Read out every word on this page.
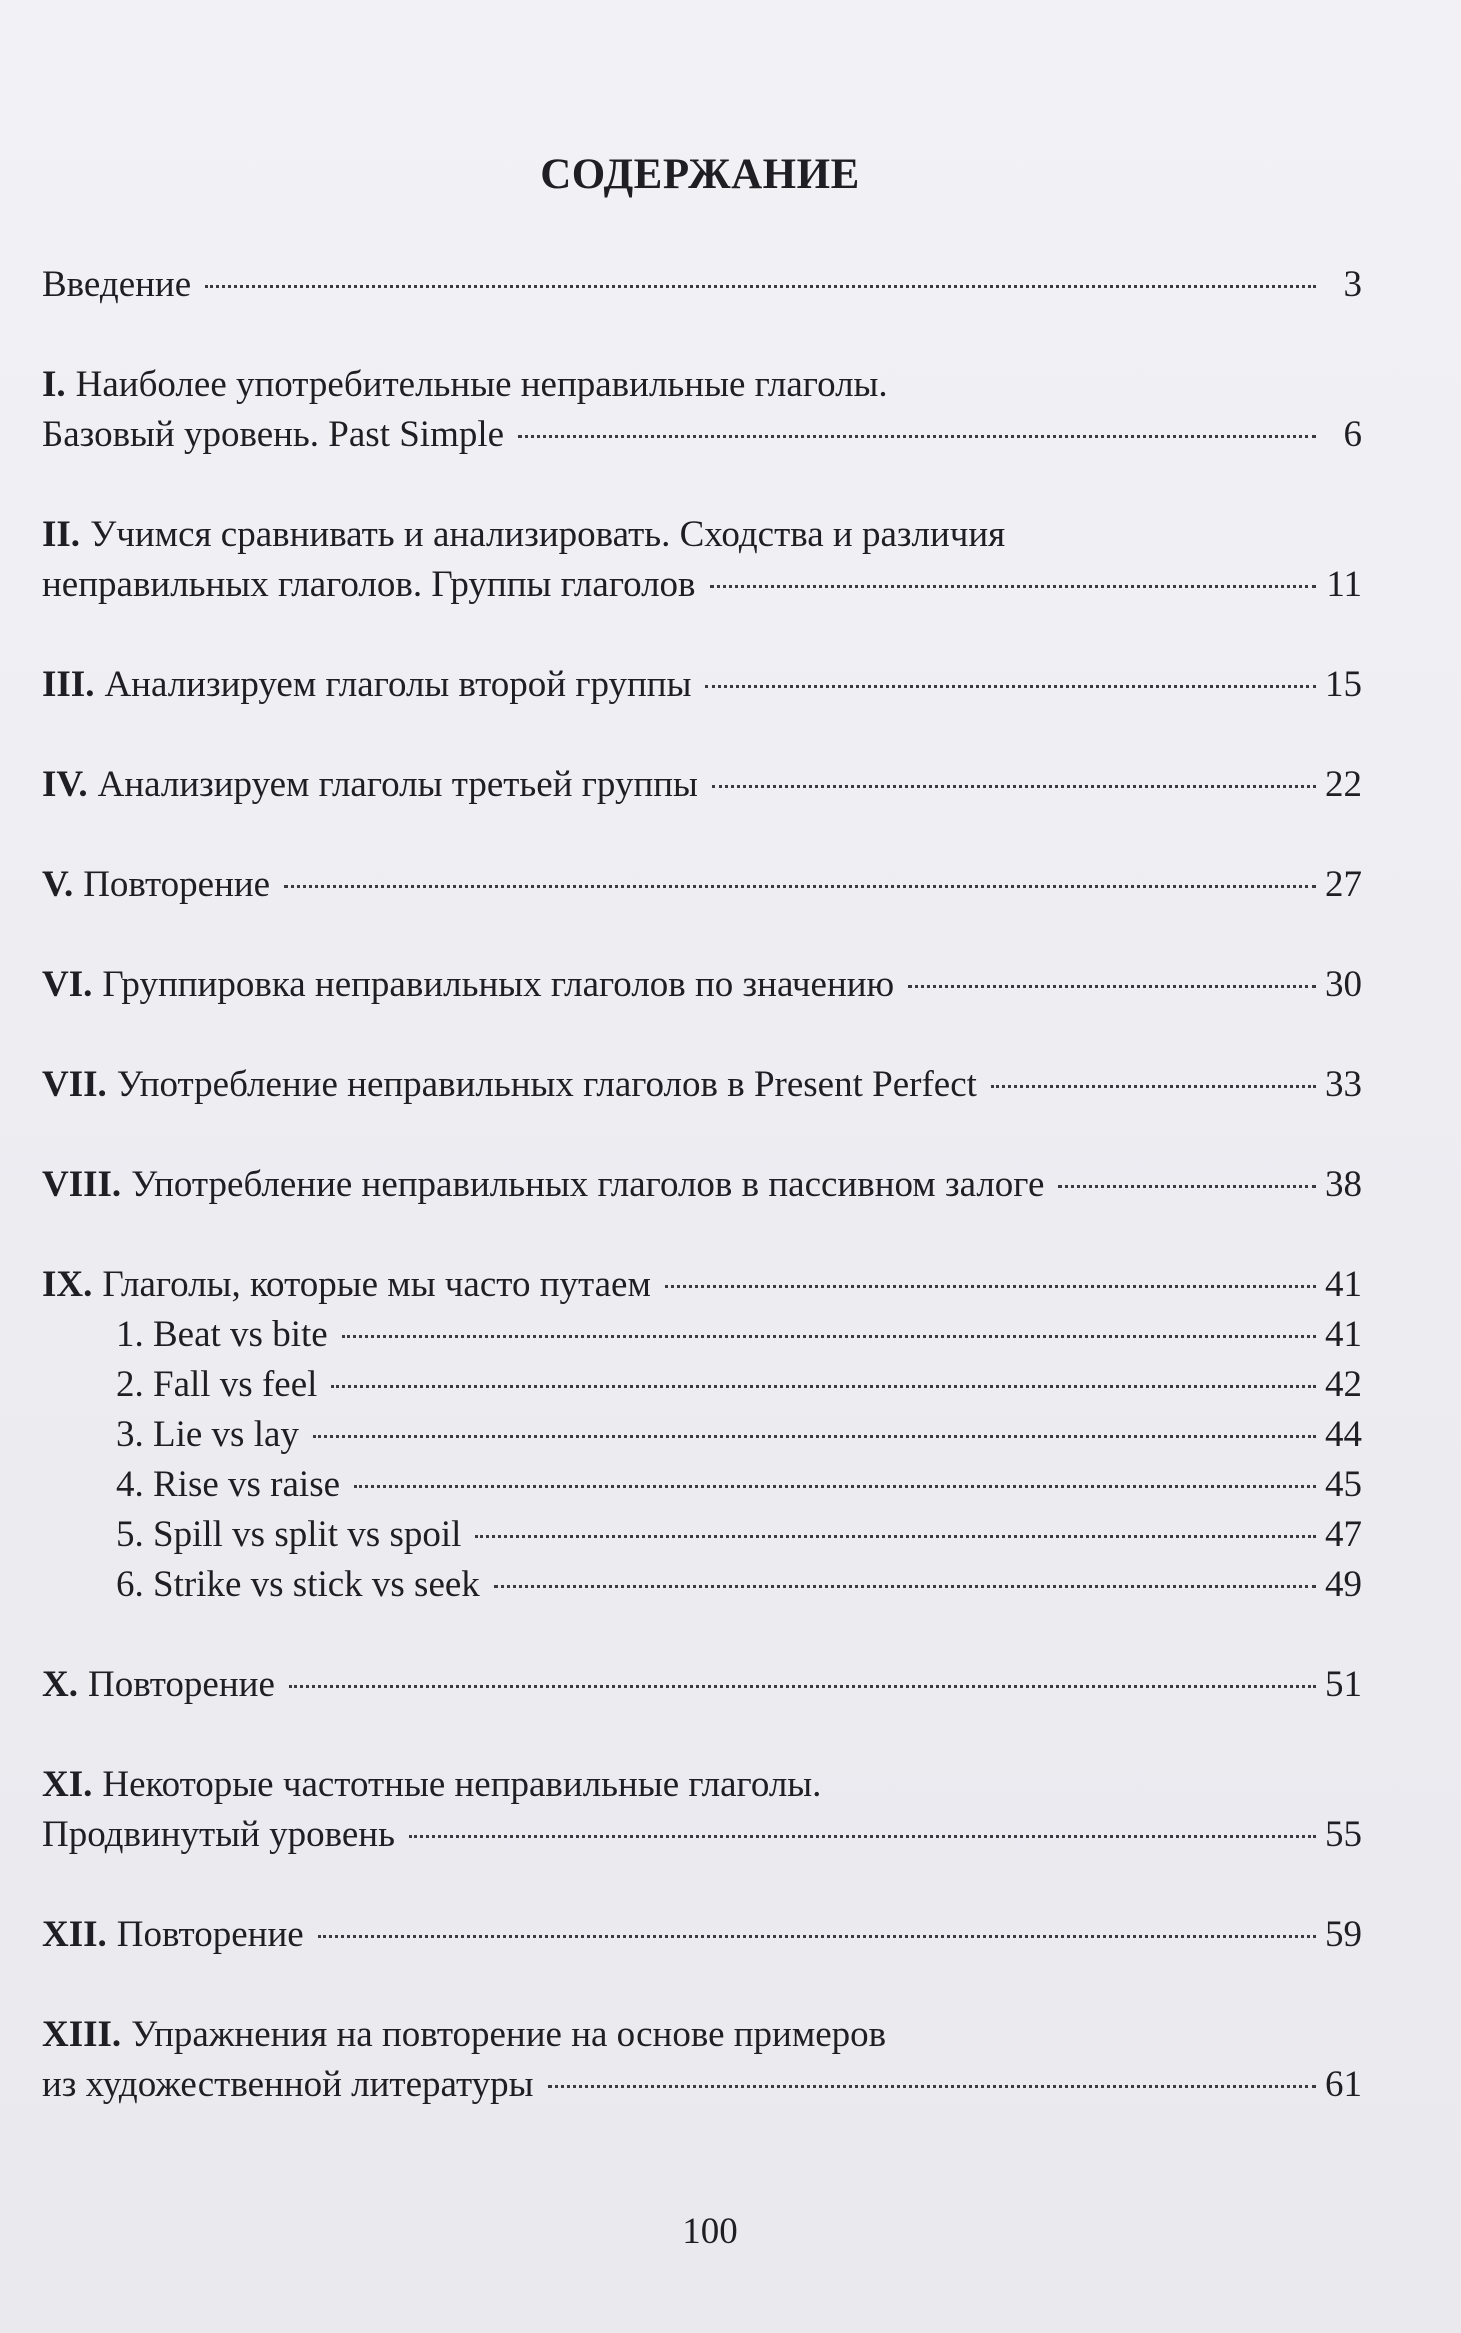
СОДЕРЖАНИЕ
Введение	3
I. Наиболее употребительные неправильные глаголы.
Базовый уровень. Past Simple	6
II. Учимся сравнивать и анализировать. Сходства и различия
неправильных глаголов. Группы глаголов	11
III. Анализируем глаголы второй группы	15
IV. Анализируем глаголы третьей группы	22
V. Повторение	27
VI. Группировка неправильных глаголов по значению	30
VII. Употребление неправильных глаголов в Present Perfect	33
VIII. Употребление неправильных глаголов в пассивном залоге	38
IX. Глаголы, которые мы часто путаем	41
1. Beat vs bite	41
2. Fall vs feel	42
3. Lie vs lay	44
4. Rise vs raise	45
5. Spill vs split vs spoil	47
6. Strike vs stick vs seek	49
X. Повторение	51
XI. Некоторые частотные неправильные глаголы.
Продвинутый уровень	55
XII. Повторение	59
XIII. Упражнения на повторение на основе примеров
из художественной литературы	61
100
